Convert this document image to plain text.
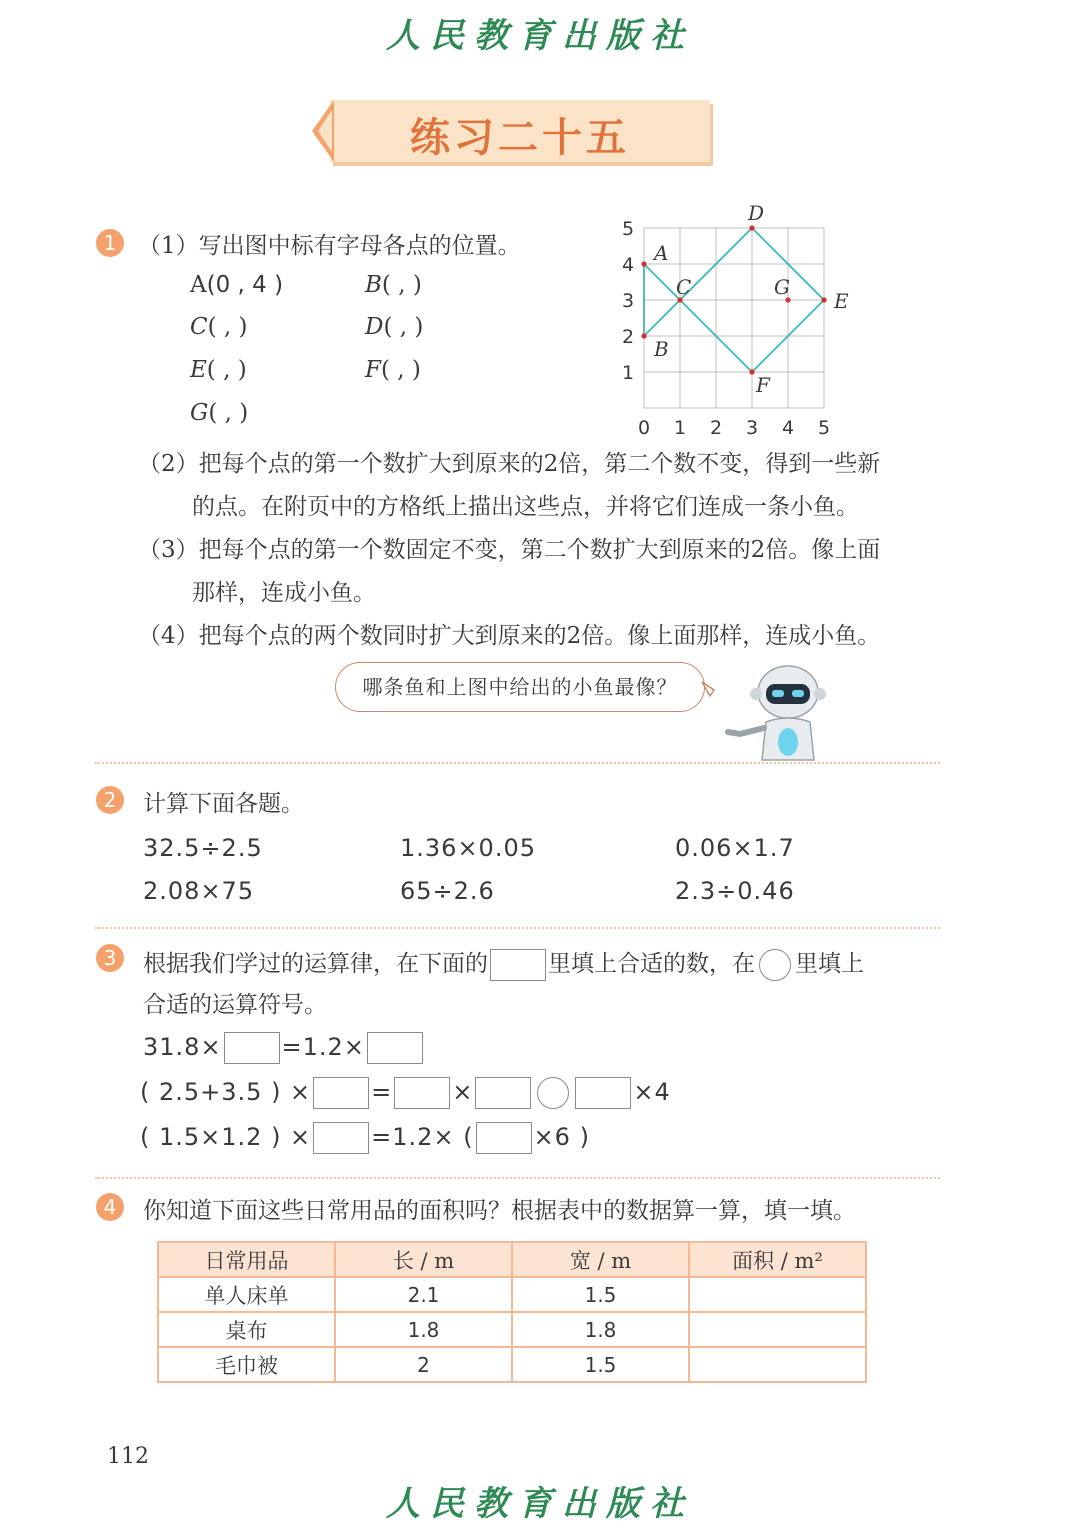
人民教育出版社
练习二十五
1 （1）写出图中标有字母各点的位置。
A(0 , 4 )	B( , )
C( , )	D( , )
E( , )	F( , )
G( , )
0 1 2 3 4 5
1
2
3
4
5
A
B
C
D
E
F
G
（2）把每个点的第一个数扩大到原来的2倍，第二个数不变，得到一些新
的点。在附页中的方格纸上描出这些点，并将它们连成一条小鱼。
（3）把每个点的第一个数固定不变，第二个数扩大到原来的2倍。像上面
那样，连成小鱼。
（4）把每个点的两个数同时扩大到原来的2倍。像上面那样，连成小鱼。
哪条鱼和上图中给出的小鱼最像？
2	计算下面各题。
32.5÷2.5	1.36×0.05	0.06×1.7
2.08×75	65÷2.6	2.3÷0.46
3	根据我们学过的运算律，在下面的	里填上合适的数，在 里填上
合适的运算符号。
31.8×	=1.2×
( 2.5+3.5 ) ×	=	×	×4
( 1.5×1.2 ) ×	=1.2× (	×6 )
4	你知道下面这些日常用品的面积吗？根据表中的数据算一算，填一填。
日常用品	长 / m	宽 / m	面积 / m²
单人床单	2.1	1.5	
桌布	1.8	1.8	
毛巾被	2	1.5	
112
人民教育出版社
